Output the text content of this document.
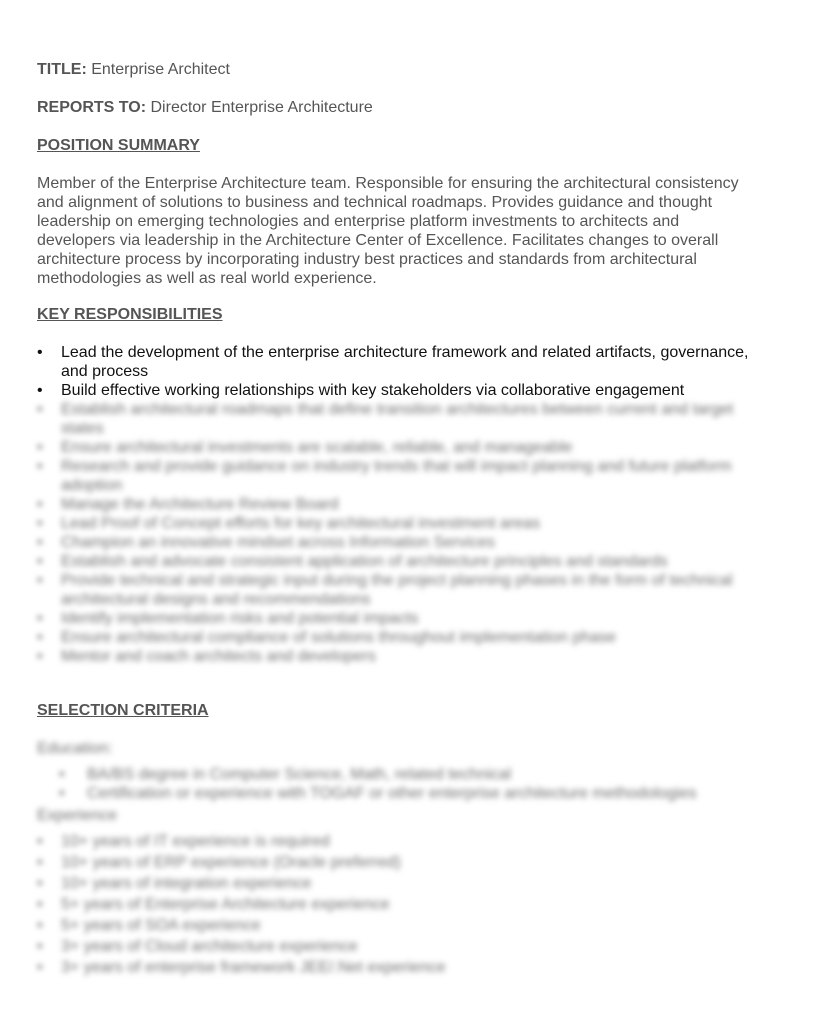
TITLE: Enterprise Architect
REPORTS TO: Director Enterprise Architecture
POSITION SUMMARY
Member of the Enterprise Architecture team. Responsible for ensuring the architectural consistency
and alignment of solutions to business and technical roadmaps. Provides guidance and thought
leadership on emerging technologies and enterprise platform investments to architects and
developers via leadership in the Architecture Center of Excellence. Facilitates changes to overall
architecture process by incorporating industry best practices and standards from architectural
methodologies as well as real world experience.
KEY RESPONSIBILITIES
• Lead the development of the enterprise architecture framework and related artifacts, governance,
and process
• Build effective working relationships with key stakeholders via collaborative engagement
• Establish architectural roadmaps that define transition architectures between current and target
states
• Ensure architectural investments are scalable, reliable, and manageable
• Research and provide guidance on industry trends that will impact planning and future platform
adoption
• Manage the Architecture Review Board
• Lead Proof of Concept efforts for key architectural investment areas
• Champion an innovative mindset across Information Services
• Establish and advocate consistent application of architecture principles and standards
• Provide technical and strategic input during the project planning phases in the form of technical
architectural designs and recommendations
• Identify implementation risks and potential impacts
• Ensure architectural compliance of solutions throughout implementation phase
• Mentor and coach architects and developers
SELECTION CRITERIA
Education:
• BA/BS degree in Computer Science, Math, related technical
• Certification or experience with TOGAF or other enterprise architecture methodologies
Experience
• 10+ years of IT experience is required
• 10+ years of ERP experience (Oracle preferred)
• 10+ years of integration experience
• 5+ years of Enterprise Architecture experience
• 5+ years of SOA experience
• 3+ years of Cloud architecture experience
• 3+ years of enterprise framework JEE/.Net experience
